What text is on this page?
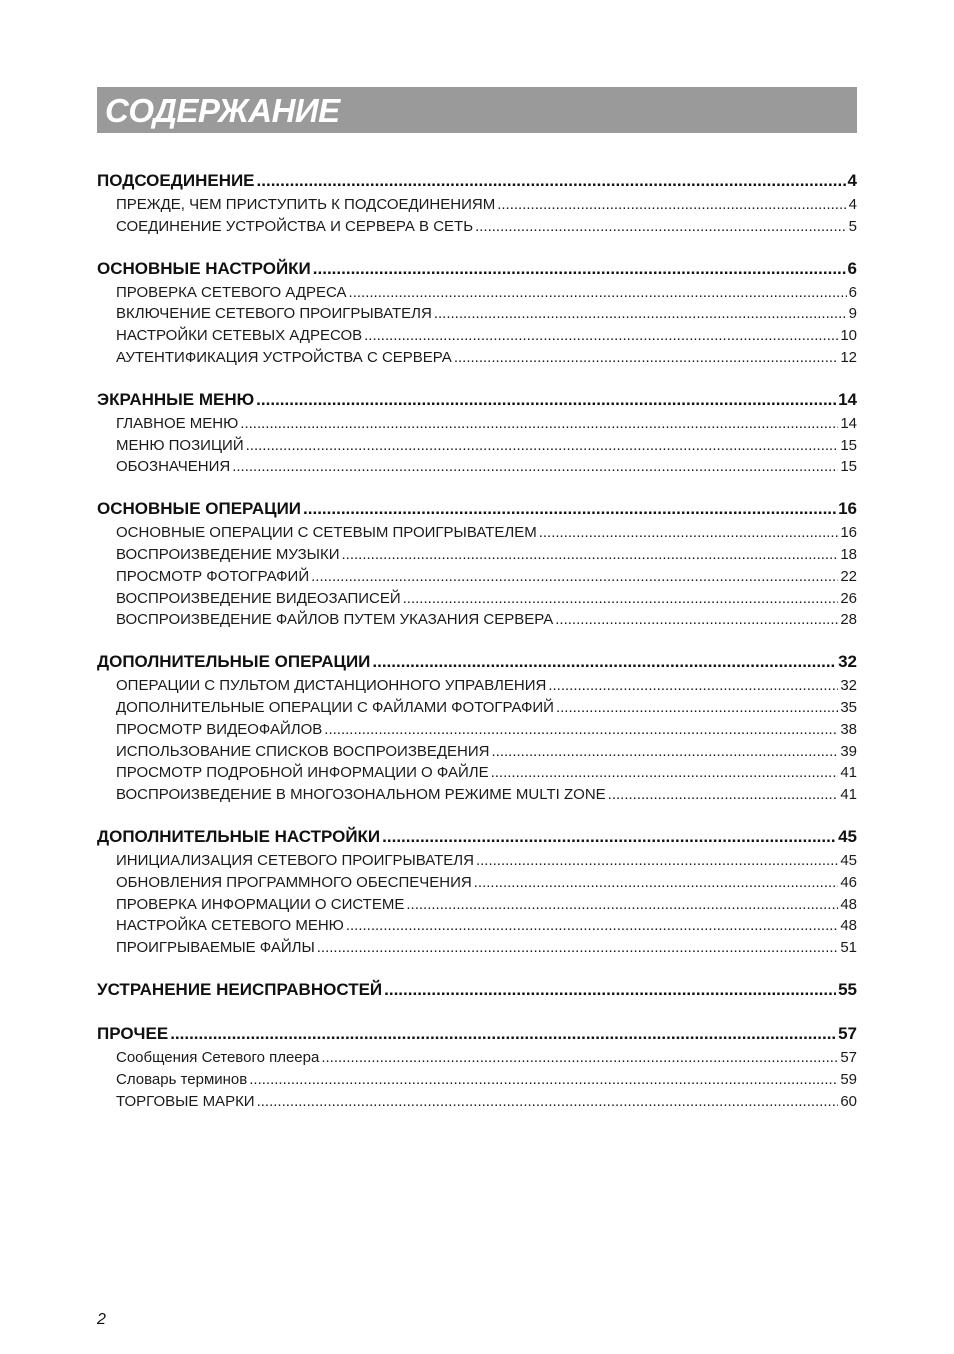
СОДЕРЖАНИЕ
ПОДСОЕДИНЕНИЕ .....	4
ПРЕЖДЕ, ЧЕМ ПРИСТУПИТЬ К ПОДСОЕДИНЕНИЯМ .....	4
СОЕДИНЕНИЕ УСТРОЙСТВА И СЕРВЕРА В СЕТЬ .....	5
ОСНОВНЫЕ НАСТРОЙКИ .....	6
ПРОВЕРКА СЕТЕВОГО АДРЕСА .....	6
ВКЛЮЧЕНИЕ СЕТЕВОГО ПРОИГРЫВАТЕЛЯ .....	9
НАСТРОЙКИ СЕТЕВЫХ АДРЕСОВ .....	10
АУТЕНТИФИКАЦИЯ УСТРОЙСТВА С СЕРВЕРА .....	12
ЭКРАННЫЕ МЕНЮ .....	14
ГЛАВНОЕ МЕНЮ .....	14
МЕНЮ ПОЗИЦИЙ .....	15
ОБОЗНАЧЕНИЯ .....	15
ОСНОВНЫЕ ОПЕРАЦИИ .....	16
ОСНОВНЫЕ ОПЕРАЦИИ С СЕТЕВЫМ ПРОИГРЫВАТЕЛЕМ .....	16
ВОСПРОИЗВЕДЕНИЕ МУЗЫКИ .....	18
ПРОСМОТР ФОТОГРАФИЙ .....	22
ВОСПРОИЗВЕДЕНИЕ ВИДЕОЗАПИСЕЙ .....	26
ВОСПРОИЗВЕДЕНИЕ ФАЙЛОВ ПУТЕМ УКАЗАНИЯ СЕРВЕРА .....	28
ДОПОЛНИТЕЛЬНЫЕ ОПЕРАЦИИ .....	32
ОПЕРАЦИИ С ПУЛЬТОМ ДИСТАНЦИОННОГО УПРАВЛЕНИЯ .....	32
ДОПОЛНИТЕЛЬНЫЕ ОПЕРАЦИИ С ФАЙЛАМИ ФОТОГРАФИЙ .....	35
ПРОСМОТР ВИДЕОФАЙЛОВ .....	38
ИСПОЛЬЗОВАНИЕ СПИСКОВ ВОСПРОИЗВЕДЕНИЯ .....	39
ПРОСМОТР ПОДРОБНОЙ ИНФОРМАЦИИ О ФАЙЛЕ .....	41
ВОСПРОИЗВЕДЕНИЕ В МНОГОЗОНАЛЬНОМ РЕЖИМЕ MULTI ZONE .....	41
ДОПОЛНИТЕЛЬНЫЕ НАСТРОЙКИ .....	45
ИНИЦИАЛИЗАЦИЯ СЕТЕВОГО ПРОИГРЫВАТЕЛЯ .....	45
ОБНОВЛЕНИЯ ПРОГРАММНОГО ОБЕСПЕЧЕНИЯ .....	46
ПРОВЕРКА ИНФОРМАЦИИ О СИСТЕМЕ .....	48
НАСТРОЙКА СЕТЕВОГО МЕНЮ .....	48
ПРОИГРЫВАЕМЫЕ ФАЙЛЫ .....	51
УСТРАНЕНИЕ НЕИСПРАВНОСТЕЙ .....	55
ПРОЧЕЕ .....	57
Сообщения Сетевого плеера .....	57
Словарь терминов .....	59
ТОРГОВЫЕ МАРКИ .....	60
2
